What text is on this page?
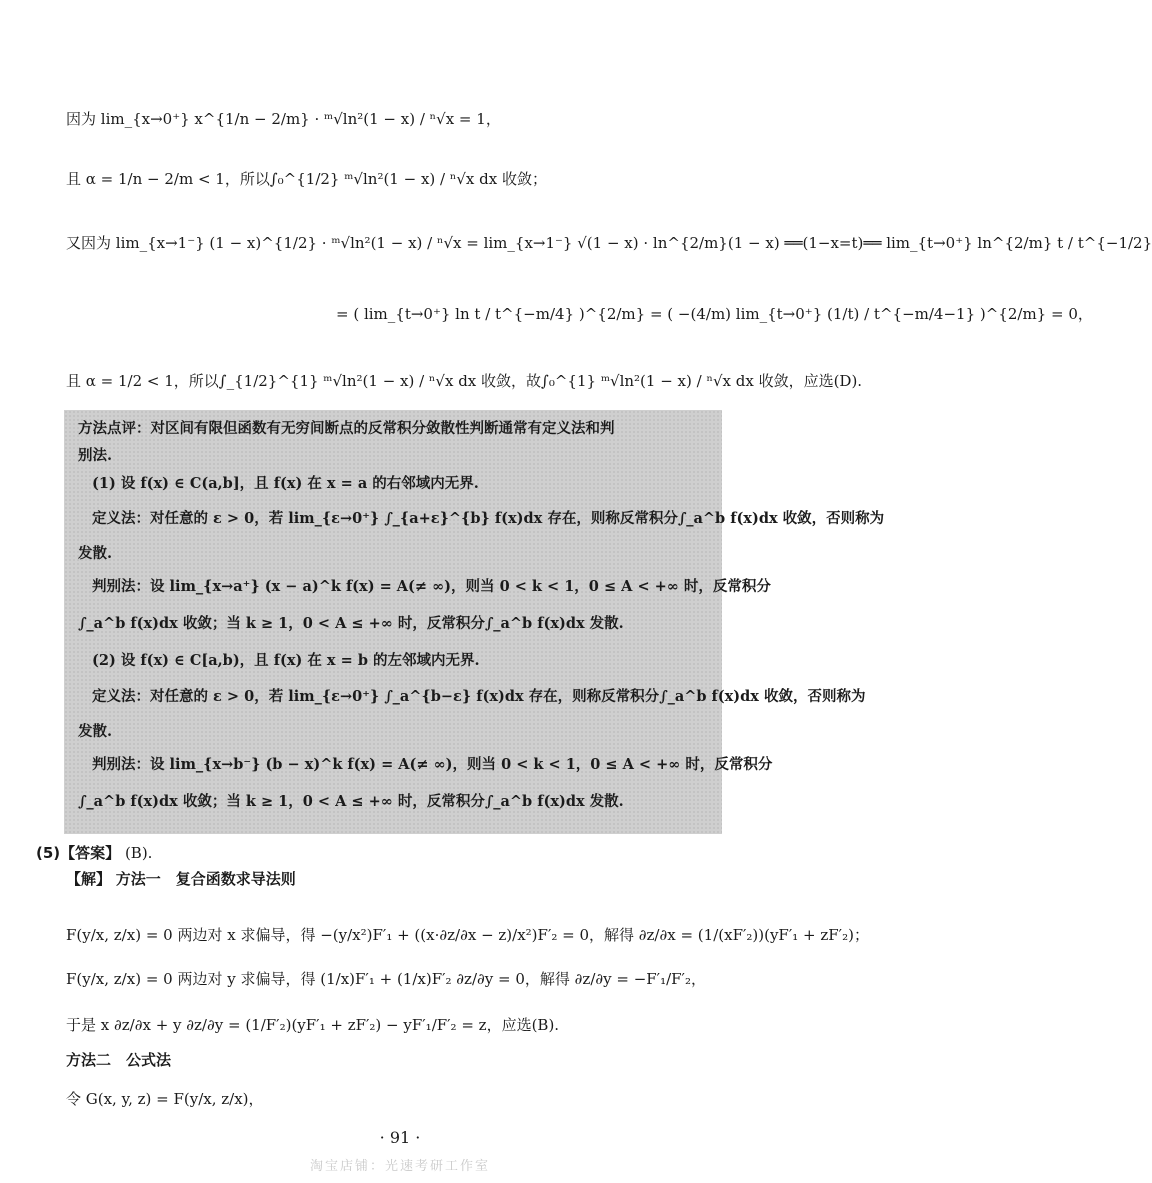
因为 lim_{x→0⁺} x^{1/n − 2/m} · ᵐ√ln²(1 − x) / ⁿ√x = 1，
且 α = 1/n − 2/m < 1，所以∫₀^{1/2} ᵐ√ln²(1 − x) / ⁿ√x dx 收敛；
又因为 lim_{x→1⁻} (1 − x)^{1/2} · ᵐ√ln²(1 − x) / ⁿ√x = lim_{x→1⁻} √(1 − x) · ln^{2/m}(1 − x) ══(1−x=t)══ lim_{t→0⁺} ln^{2/m} t / t^{−1/2}
= ( lim_{t→0⁺} ln t / t^{−m/4} )^{2/m} = ( −(4/m) lim_{t→0⁺} (1/t) / t^{−m/4−1} )^{2/m} = 0，
且 α = 1/2 < 1，所以∫_{1/2}^{1} ᵐ√ln²(1 − x) / ⁿ√x dx 收敛，故∫₀^{1} ᵐ√ln²(1 − x) / ⁿ√x dx 收敛，应选(D).
方法点评：对区间有限但函数有无穷间断点的反常积分敛散性判断通常有定义法和判
别法.
(1) 设 f(x) ∈ C(a,b]，且 f(x) 在 x = a 的右邻域内无界.
定义法：对任意的 ε > 0，若 lim_{ε→0⁺} ∫_{a+ε}^{b} f(x)dx 存在，则称反常积分∫_a^b f(x)dx 收敛，否则称为
发散.
判别法：设 lim_{x→a⁺} (x − a)^k f(x) = A(≠ ∞)，则当 0 < k < 1，0 ≤ A < +∞ 时，反常积分
∫_a^b f(x)dx 收敛；当 k ≥ 1，0 < A ≤ +∞ 时，反常积分∫_a^b f(x)dx 发散.
(2) 设 f(x) ∈ C[a,b)，且 f(x) 在 x = b 的左邻域内无界.
定义法：对任意的 ε > 0，若 lim_{ε→0⁺} ∫_a^{b−ε} f(x)dx 存在，则称反常积分∫_a^b f(x)dx 收敛，否则称为
发散.
判别法：设 lim_{x→b⁻} (b − x)^k f(x) = A(≠ ∞)，则当 0 < k < 1，0 ≤ A < +∞ 时，反常积分
∫_a^b f(x)dx 收敛；当 k ≥ 1，0 < A ≤ +∞ 时，反常积分∫_a^b f(x)dx 发散.
(5)【答案】 (B).
【解】 方法一　复合函数求导法则
F(y/x, z/x) = 0 两边对 x 求偏导，得 −(y/x²)F′₁ + ((x·∂z/∂x − z)/x²)F′₂ = 0，解得 ∂z/∂x = (1/(xF′₂))(yF′₁ + zF′₂)；
F(y/x, z/x) = 0 两边对 y 求偏导，得 (1/x)F′₁ + (1/x)F′₂ ∂z/∂y = 0，解得 ∂z/∂y = −F′₁/F′₂，
于是 x ∂z/∂x + y ∂z/∂y = (1/F′₂)(yF′₁ + zF′₂) − yF′₁/F′₂ = z，应选(B).
方法二　公式法
令 G(x, y, z) = F(y/x, z/x)，
· 91 ·
淘宝店铺：光速考研工作室
